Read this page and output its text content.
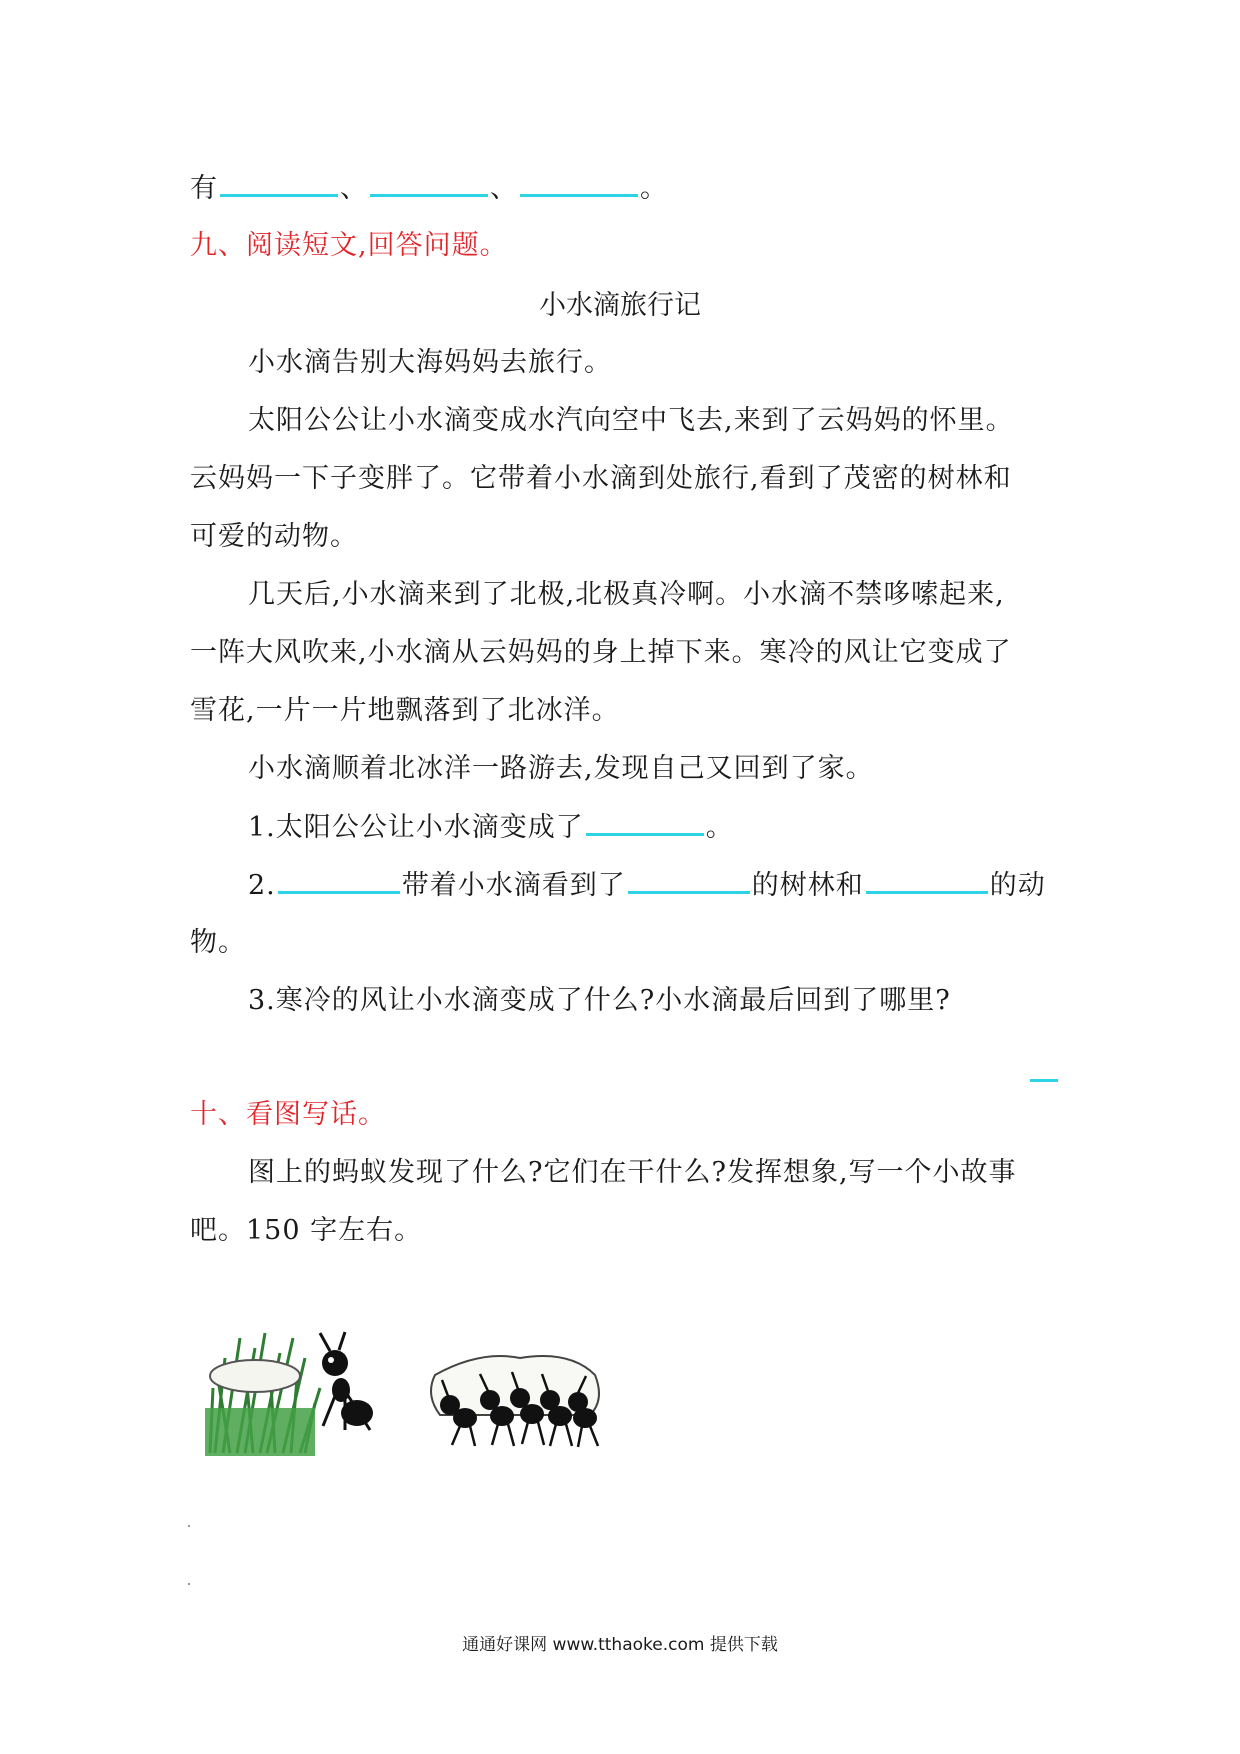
有	、	、	。
九、阅读短文,回答问题。
小水滴旅行记
小水滴告别大海妈妈去旅行。
太阳公公让小水滴变成水汽向空中飞去,来到了云妈妈的怀里。
云妈妈一下子变胖了。它带着小水滴到处旅行,看到了茂密的树林和
可爱的动物。
几天后,小水滴来到了北极,北极真冷啊。小水滴不禁哆嗦起来,
一阵大风吹来,小水滴从云妈妈的身上掉下来。寒冷的风让它变成了
雪花,一片一片地飘落到了北冰洋。
小水滴顺着北冰洋一路游去,发现自己又回到了家。
1.太阳公公让小水滴变成了	。
2.	带着小水滴看到了	的树林和	的动
物。
3.寒冷的风让小水滴变成了什么?小水滴最后回到了哪里?
十、看图写话。
图上的蚂蚁发现了什么?它们在干什么?发挥想象,写一个小故事
吧。150 字左右。
通通好课网 www.tthaoke.com 提供下载
